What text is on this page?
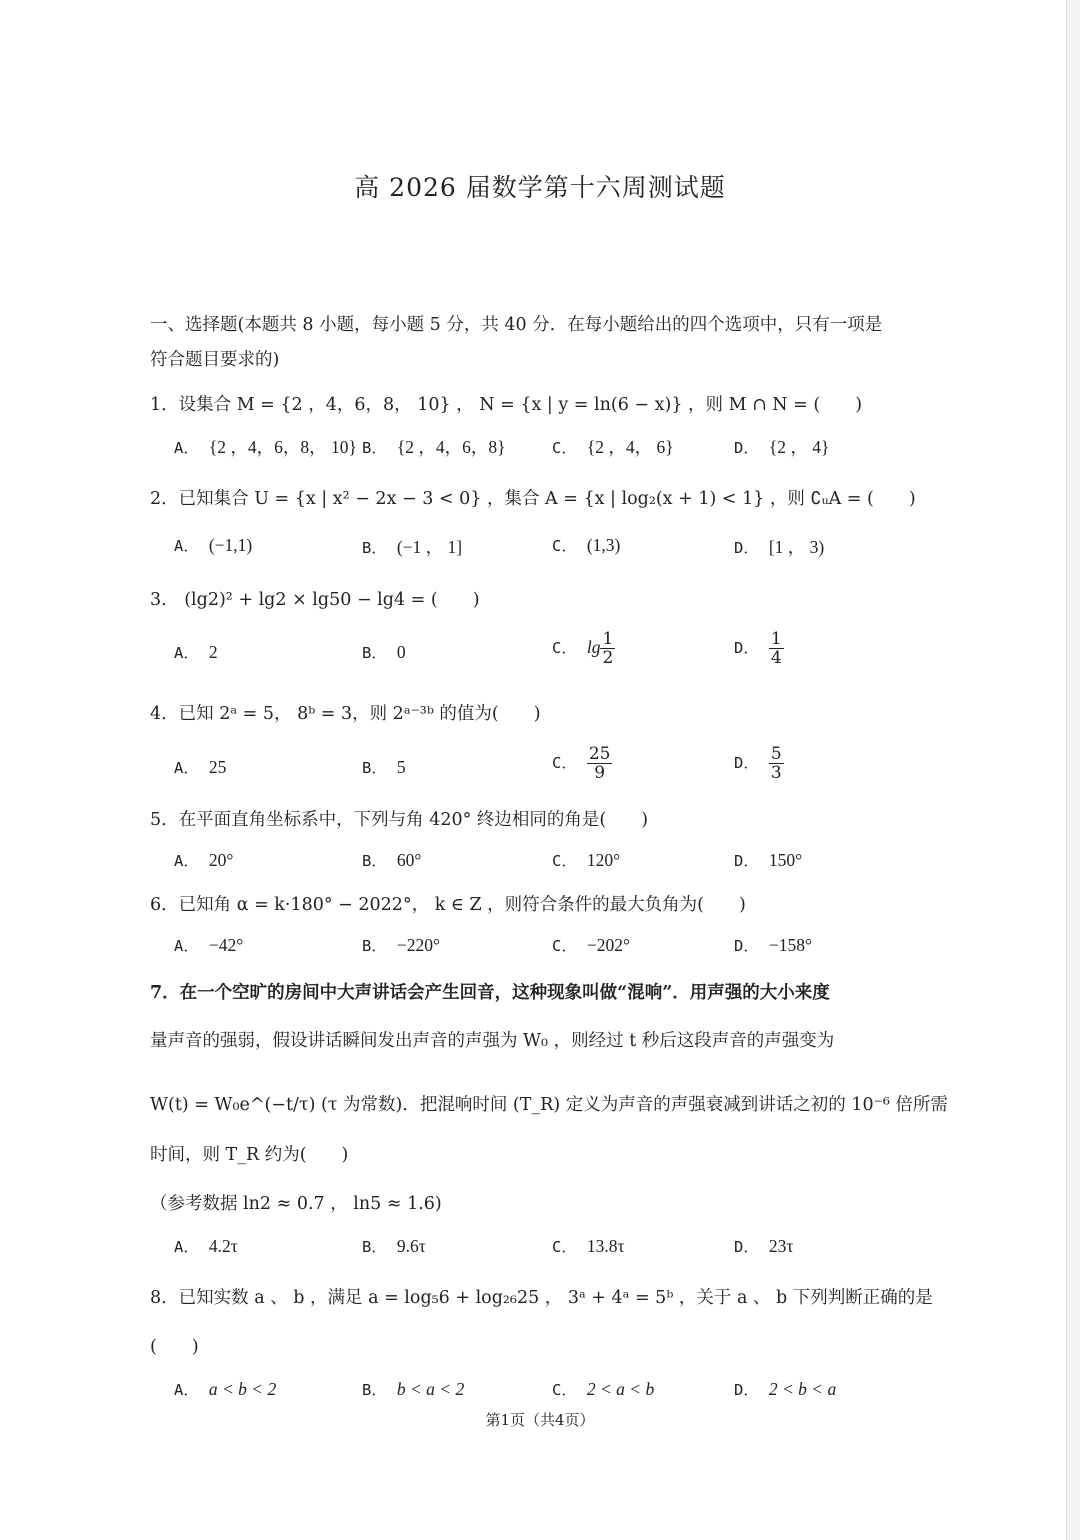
高 2026 届数学第十六周测试题
一、选择题(本题共 8 小题，每小题 5 分，共 40 分．在每小题给出的四个选项中，只有一项是
符合题目要求的)
1．设集合 M = {2 ，4，6，8， 10} ， N = {x | y = ln(6 − x)} ，则 M ∩ N = (　　)
A． {2 ，4，6，8， 10} B． {2 ，4，6，8}	C． {2 ，4， 6}	D． {2 ， 4}
2．已知集合 U = {x | x² − 2x − 3 < 0} ，集合 A = {x | log₂(x + 1) < 1} ，则 ∁ᵤA = (　　)
A． (−1,1)	B． (−1 ， 1]	C． (1,3)	D． [1 ， 3)
3． (lg2)² + lg2 × lg50 − lg4 = (　　)
A． 2	B． 0	C． $\lg \frac{1}{2}$	D． $\frac{1}{4}$
4．已知 2ᵃ = 5， 8ᵇ = 3，则 2ᵃ⁻³ᵇ 的值为(　　)
A． 25	B． 5	C． $\frac{25}{9}$	D． $\frac{5}{3}$
5．在平面直角坐标系中，下列与角 420° 终边相同的角是(　　)
A． 20°	B． 60°	C． 120°	D． 150°
6．已知角 α = k·180° − 2022°， k ∈ Z ，则符合条件的最大负角为(　　)
A． −42°	B． −220°	C． −202°	D． −158°
7．在一个空旷的房间中大声讲话会产生回音，这种现象叫做“混响”．用声强的大小来度
量声音的强弱，假设讲话瞬间发出声音的声强为 W₀ ，则经过 t 秒后这段声音的声强变为
W(t) = W₀e^(−t/τ) (τ 为常数)．把混响时间 (T_R) 定义为声音的声强衰减到讲话之初的 10⁻⁶ 倍所需
时间，则 T_R 约为(　　)
（参考数据 ln2 ≈ 0.7 ， ln5 ≈ 1.6)
A． 4.2τ	B． 9.6τ	C． 13.8τ	D． 23τ
8．已知实数 a 、 b ，满足 a = log₅6 + log₂₆25 ， 3ᵃ + 4ᵃ = 5ᵇ ，关于 a 、 b 下列判断正确的是
(　　)
A． a < b < 2	B． b < a < 2	C． 2 < a < b	D． 2 < b < a
第1页（共4页）
